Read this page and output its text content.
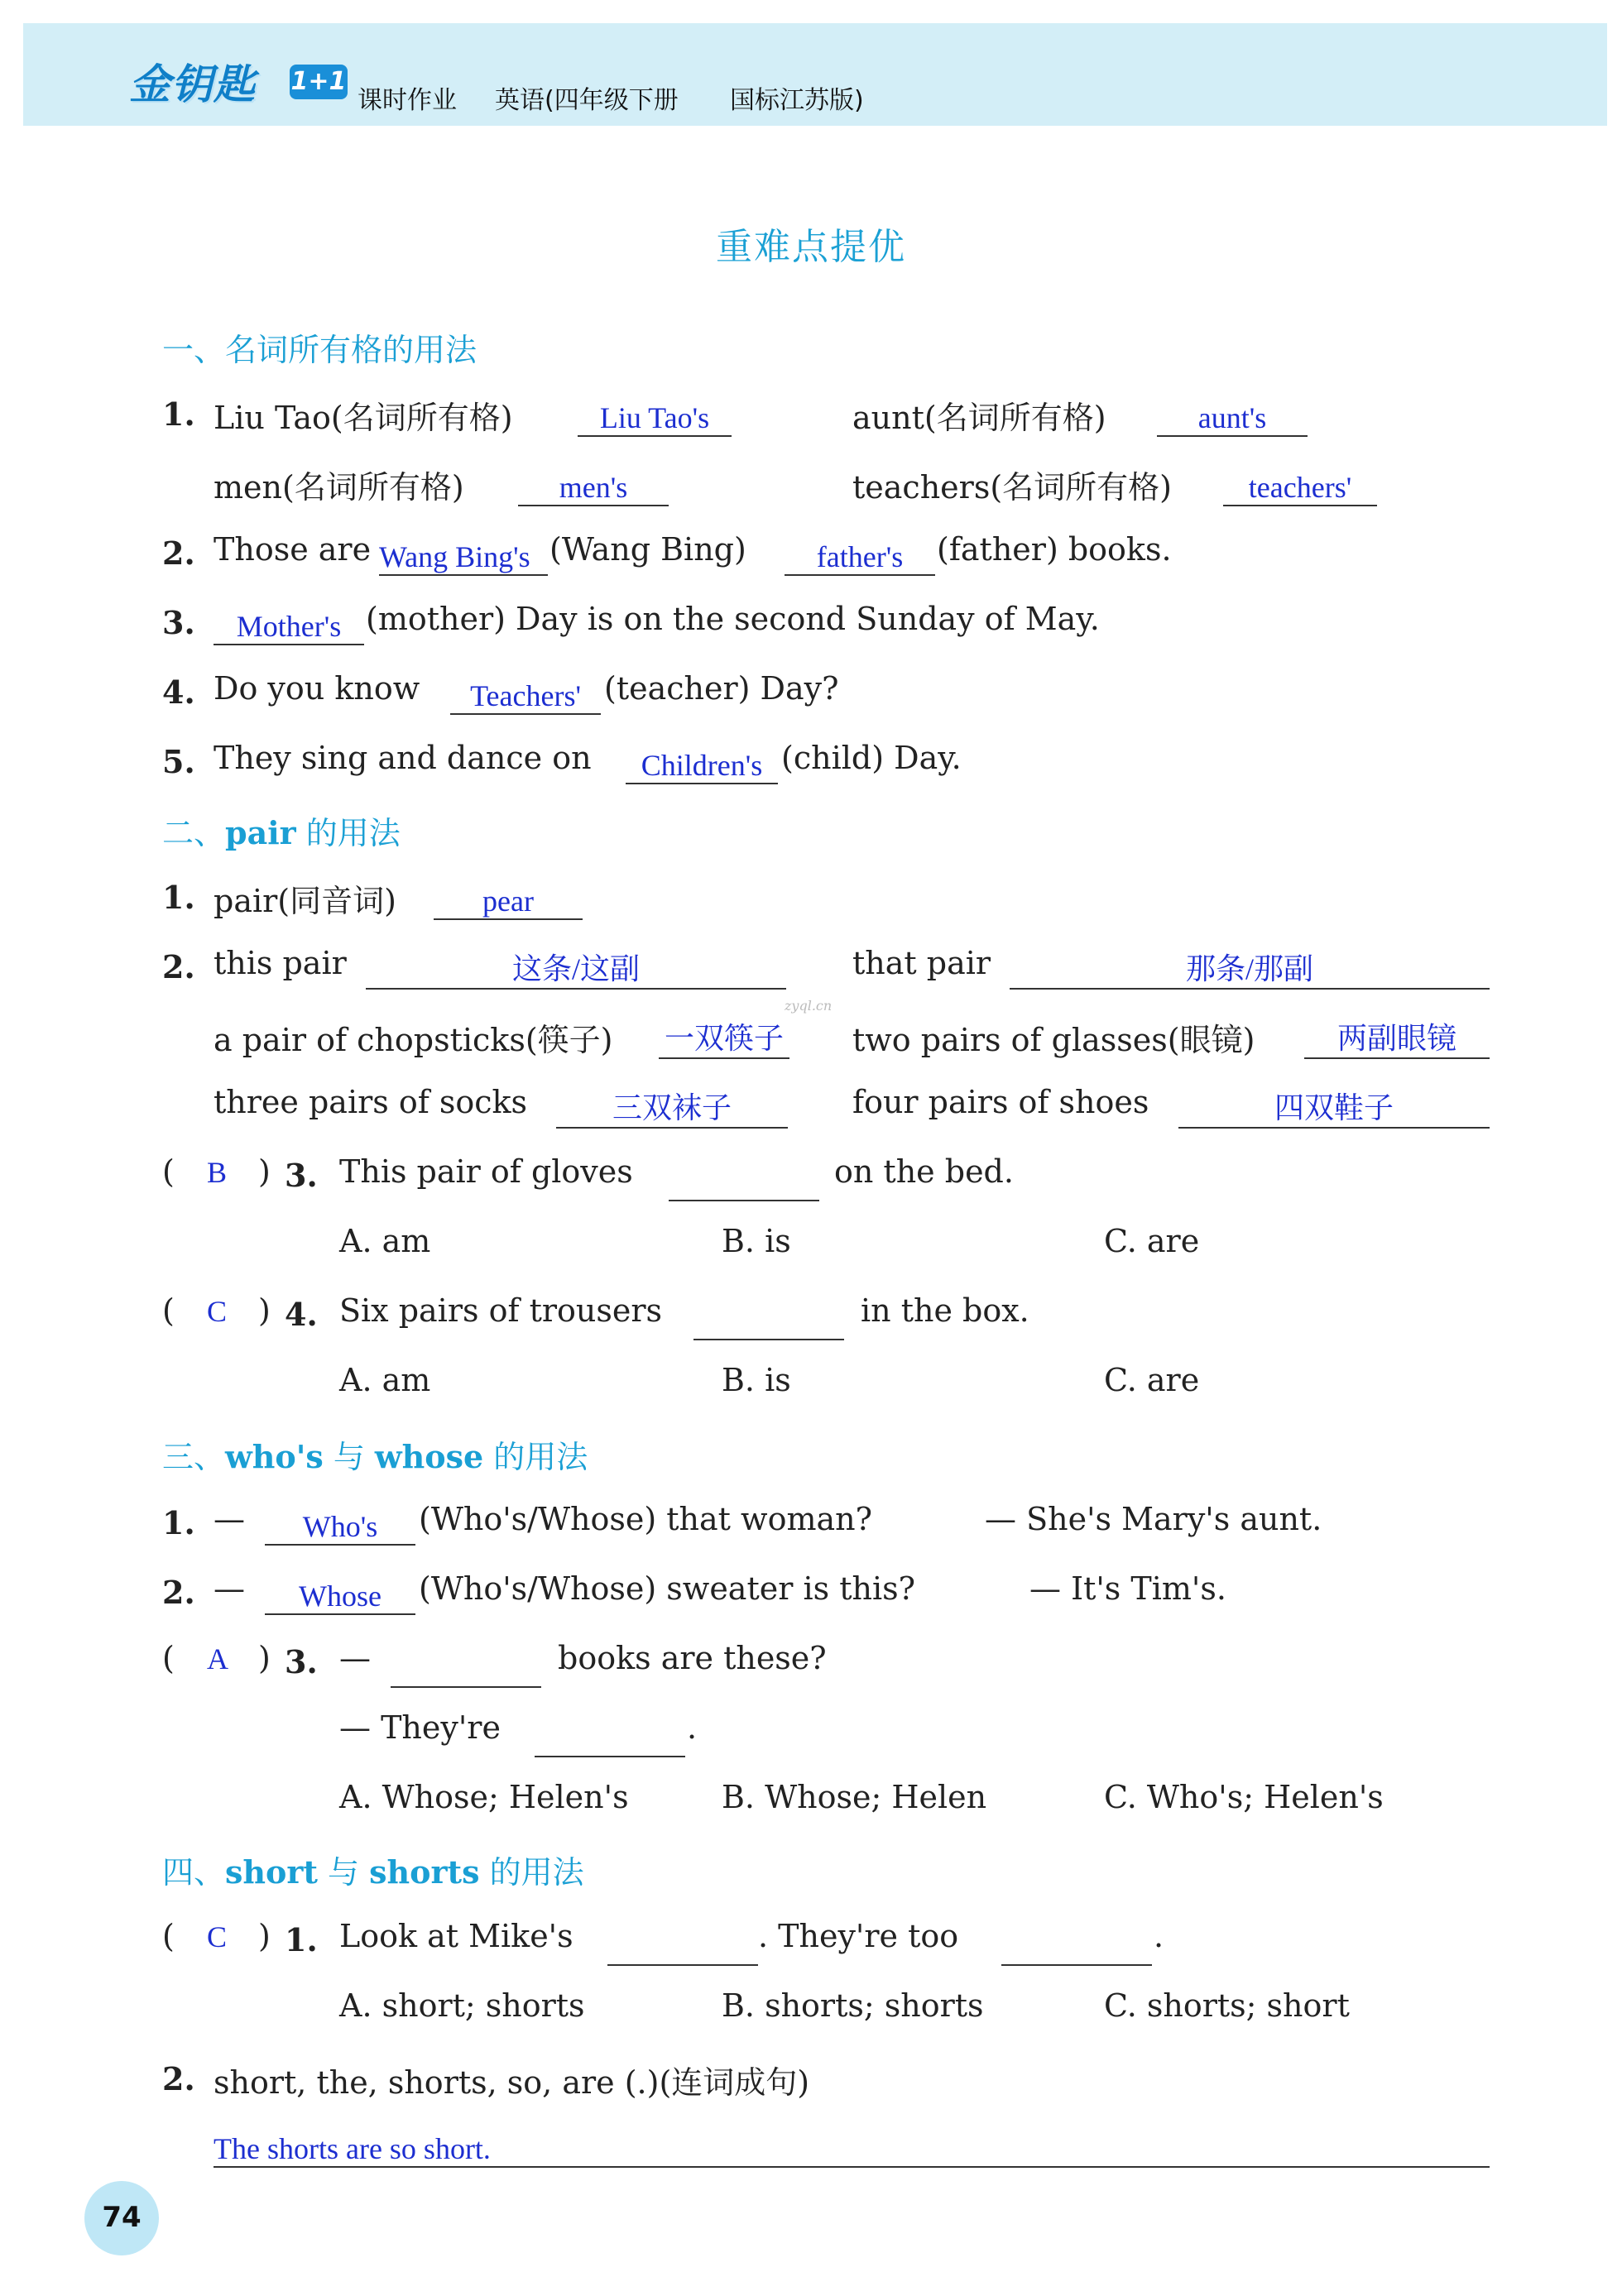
金钥匙 1+1
课时作业 英语(四年级下册 国标江苏版)
重难点提优
一、名词所有格的用法
1. Liu Tao(名词所有格)	Liu Tao's	aunt(名词所有格)	aunt's
men(名词所有格)	men's	teachers(名词所有格)	teachers'
2. Those are Wang Bing's (Wang Bing)	father's	(father) books.
3.	Mother's (mother) Day is on the second Sunday of May.
4. Do you know	Teachers' (teacher) Day?
5. They sing and dance on	Children's (child) Day.
二、pair 的用法
1. pair(同音词)	pear
2. this pair	这条/这副	that pair	那条/那副
a pair of chopsticks(筷子) 一双筷子 two pairs of glasses(眼镜)	两副眼镜
three pairs of socks	三双袜子	four pairs of shoes	四双鞋子
( B ) 3. This pair of gloves	on the bed.
A. am	B. is	C. are
( C ) 4. Six pairs of trousers	in the box.
A. am	B. is	C. are
三、who's 与 whose 的用法
1. —	Who's	(Who's/Whose) that woman?	— She's Mary's aunt.
2. —	Whose	(Who's/Whose) sweater is this?	— It's Tim's.
( A ) 3. —	books are these?
— They're	.
A. Whose; Helen's	B. Whose; Helen	C. Who's; Helen's
四、short 与 shorts 的用法
( C ) 1. Look at Mike's	. They're too	.
A. short; shorts	B. shorts; shorts	C. shorts; short
2. short, the, shorts, so, are (.)(连词成句)
The shorts are so short.
74
zyql.cn
